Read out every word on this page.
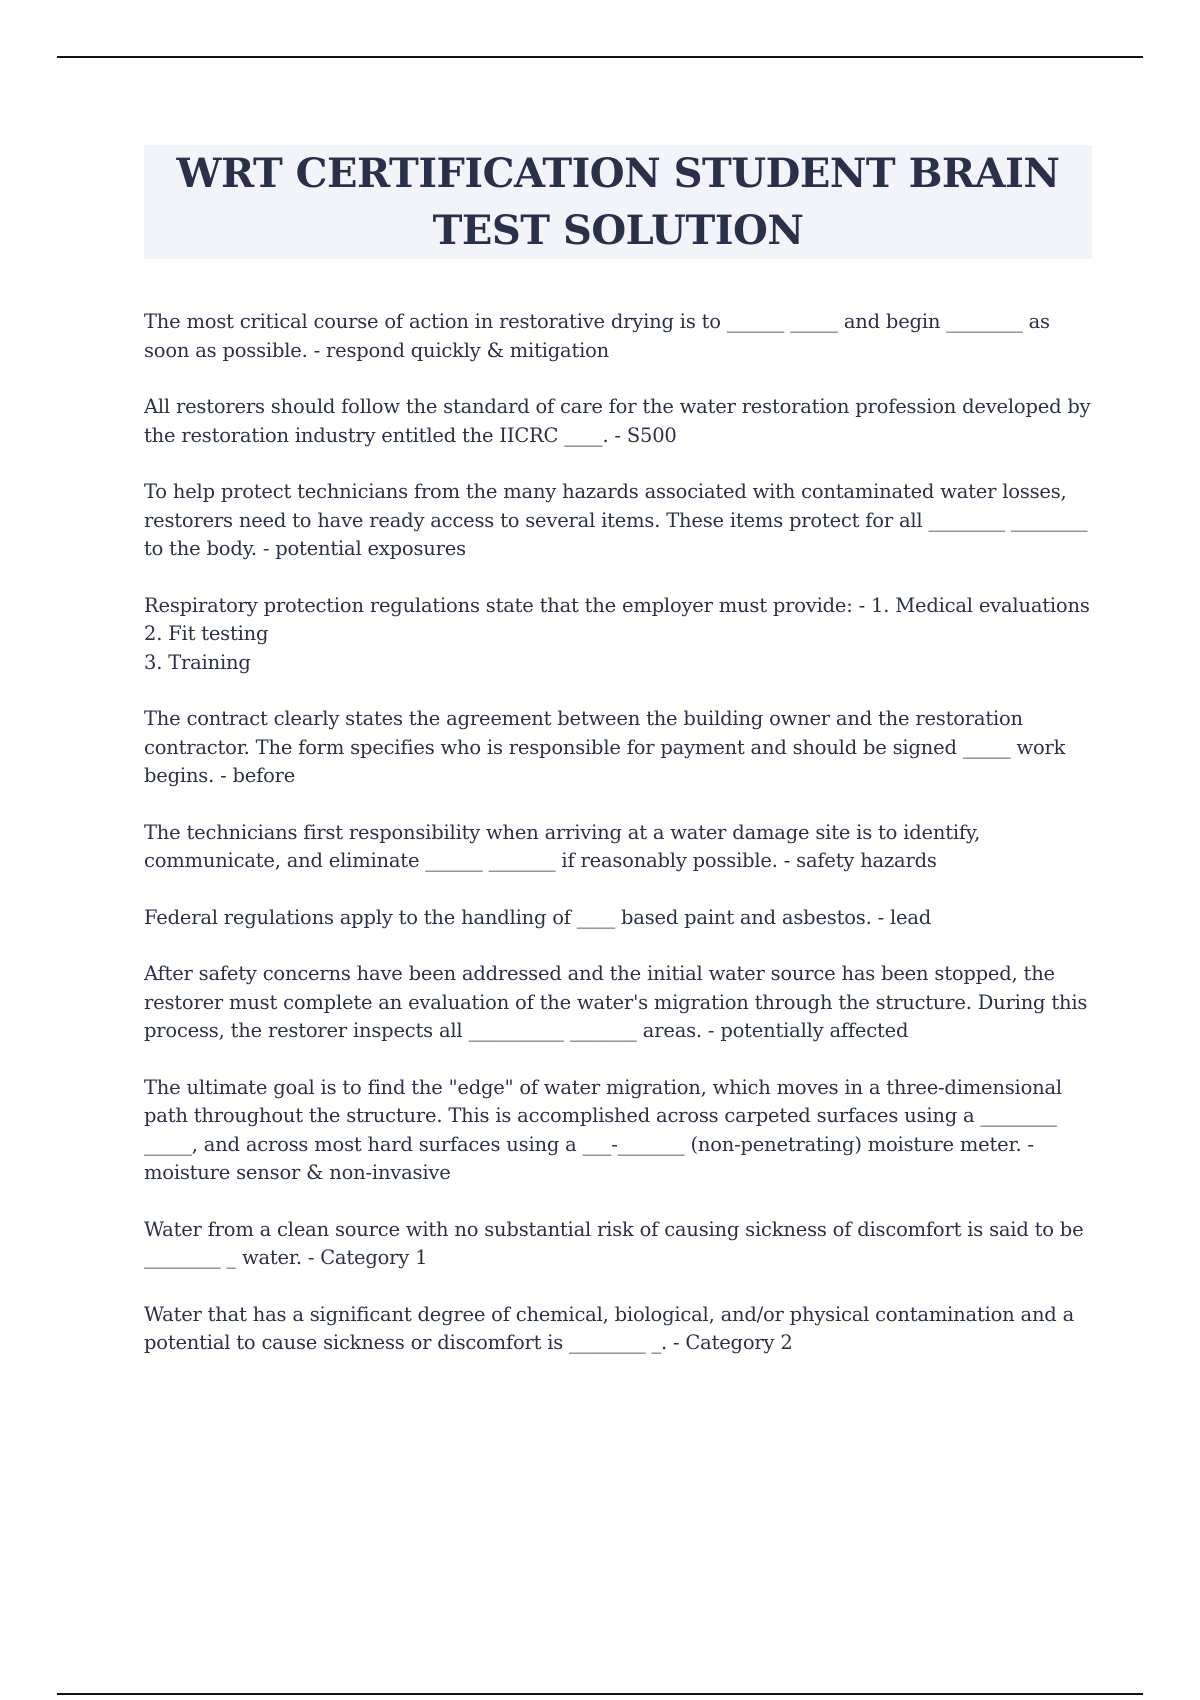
WRT CERTIFICATION STUDENT BRAIN TEST SOLUTION

The most critical course of action in restorative drying is to ______ _____ and begin ________ as soon as possible. - respond quickly & mitigation

All restorers should follow the standard of care for the water restoration profession developed by the restoration industry entitled the IICRC ____. - S500

To help protect technicians from the many hazards associated with contaminated water losses, restorers need to have ready access to several items. These items protect for all ________ ________ to the body. - potential exposures

Respiratory protection regulations state that the employer must provide: - 1. Medical evaluations
2. Fit testing
3. Training

The contract clearly states the agreement between the building owner and the restoration contractor. The form specifies who is responsible for payment and should be signed _____ work begins. - before

The technicians first responsibility when arriving at a water damage site is to identify, communicate, and eliminate ______ _______ if reasonably possible. - safety hazards

Federal regulations apply to the handling of ____ based paint and asbestos. - lead

After safety concerns have been addressed and the initial water source has been stopped, the restorer must complete an evaluation of the water's migration through the structure. During this process, the restorer inspects all __________ _______ areas. - potentially affected

The ultimate goal is to find the "edge" of water migration, which moves in a three-dimensional path throughout the structure. This is accomplished across carpeted surfaces using a ________ _____, and across most hard surfaces using a ___-_______ (non-penetrating) moisture meter. - moisture sensor & non-invasive

Water from a clean source with no substantial risk of causing sickness of discomfort is said to be ________ _ water. - Category 1

Water that has a significant degree of chemical, biological, and/or physical contamination and a potential to cause sickness or discomfort is ________ _. - Category 2
